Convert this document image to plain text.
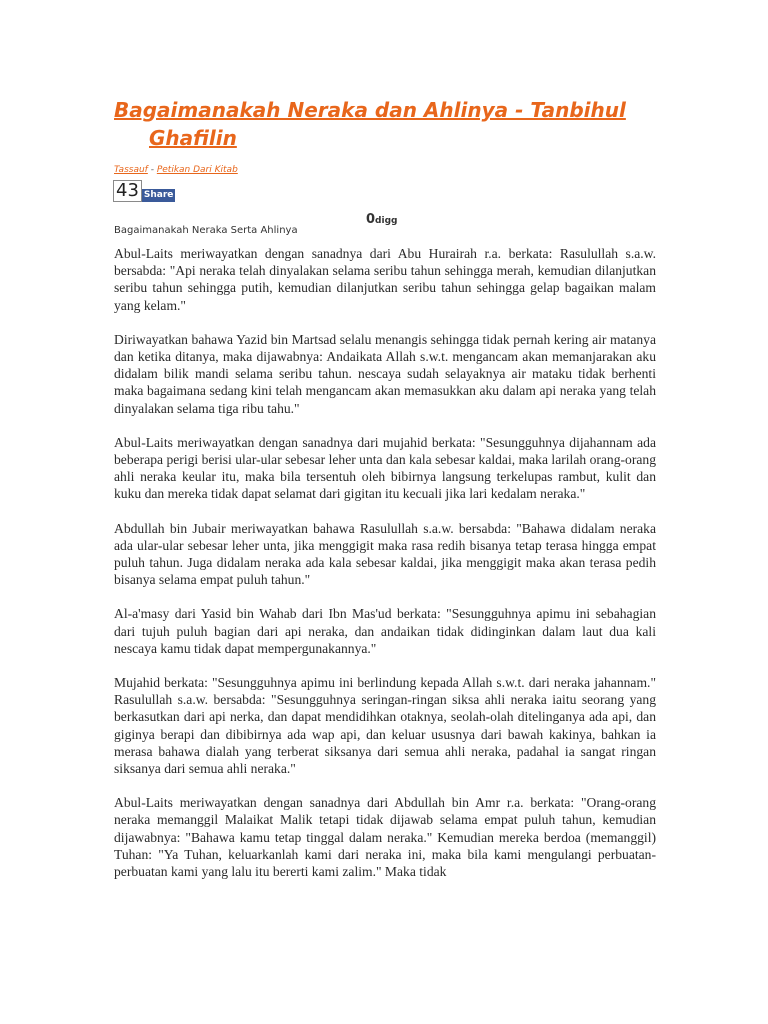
Bagaimanakah Neraka dan Ahlinya - Tanbihul
Ghafilin
Tassauf - Petikan Dari Kitab
43 Share
0digg
Bagaimanakah Neraka Serta Ahlinya

Abul-Laits meriwayatkan dengan sanadnya dari Abu Hurairah r.a. berkata: Rasulullah s.a.w. bersabda: "Api neraka telah dinyalakan selama seribu tahun sehingga merah, kemudian dilanjutkan seribu tahun sehingga putih, kemudian dilanjutkan seribu tahun sehingga gelap bagaikan malam yang kelam."

Diriwayatkan bahawa Yazid bin Martsad selalu menangis sehingga tidak pernah kering air matanya dan ketika ditanya, maka dijawabnya: Andaikata Allah s.w.t. mengancam akan memanjarakan aku didalam bilik mandi selama seribu tahun. nescaya sudah selayaknya air mataku tidak berhenti maka bagaimana sedang kini telah mengancam akan memasukkan aku dalam api neraka yang telah dinyalakan selama tiga ribu tahu."

Abul-Laits meriwayatkan dengan sanadnya dari mujahid berkata: "Sesungguhnya dijahannam ada beberapa perigi berisi ular-ular sebesar leher unta dan kala sebesar kaldai, maka larilah orang-orang ahli neraka keular itu, maka bila tersentuh oleh bibirnya langsung terkelupas rambut, kulit dan kuku dan mereka tidak dapat selamat dari gigitan itu kecuali jika lari kedalam neraka."

Abdullah bin Jubair meriwayatkan bahawa Rasulullah s.a.w. bersabda: "Bahawa didalam neraka ada ular-ular sebesar leher unta, jika menggigit maka rasa redih bisanya tetap terasa hingga empat puluh tahun. Juga didalam neraka ada kala sebesar kaldai, jika menggigit maka akan terasa pedih bisanya selama empat puluh tahun."

Al-a'masy dari Yasid bin Wahab dari Ibn Mas'ud berkata: "Sesungguhnya apimu ini sebahagian dari tujuh puluh bagian dari api neraka, dan andaikan tidak didinginkan dalam laut dua kali nescaya kamu tidak dapat mempergunakannya."

Mujahid berkata: "Sesungguhnya apimu ini berlindung kepada Allah s.w.t. dari neraka jahannam." Rasulullah s.a.w. bersabda: "Sesungguhnya seringan-ringan siksa ahli neraka iaitu seorang yang berkasutkan dari api nerka, dan dapat mendidihkan otaknya, seolah-olah ditelinganya ada api, dan giginya berapi dan dibibirnya ada wap api, dan keluar ususnya dari bawah kakinya, bahkan ia merasa bahawa dialah yang terberat siksanya dari semua ahli neraka, padahal ia sangat ringan siksanya dari semua ahli neraka."

Abul-Laits meriwayatkan dengan sanadnya dari Abdullah bin Amr r.a. berkata: "Orang-orang neraka memanggil Malaikat Malik tetapi tidak dijawab selama empat puluh tahun, kemudian dijawabnya: "Bahawa kamu tetap tinggal dalam neraka." Kemudian mereka berdoa (memanggil) Tuhan: "Ya Tuhan, keluarkanlah kami dari neraka ini, maka bila kami mengulangi perbuatan-perbuatan kami yang lalu itu bererti kami zalim." Maka tidak
